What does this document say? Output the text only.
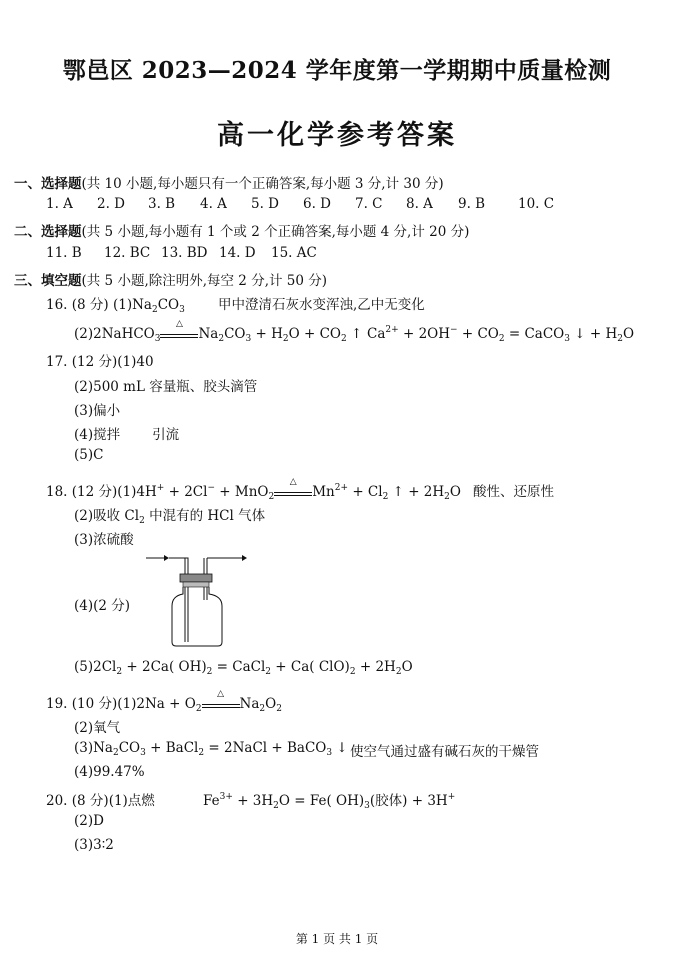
鄂邑区 2023—2024 学年度第一学期期中质量检测
高一化学参考答案
一、选择题(共 10 小题,每小题只有一个正确答案,每小题 3 分,计 30 分)
1. A 2. D 3. B 4. A 5. D 6. D 7. C 8. A 9. B 10. C
二、选择题(共 5 小题,每小题有 1 个或 2 个正确答案,每小题 4 分,计 20 分)
11. B 12. BC 13. BD 14. D 15. AC
三、填空题(共 5 小题,除注明外,每空 2 分,计 50 分)
16. (8 分) $(1)Na_2CO_3$ 甲中澄清石灰水变浑浊,乙中无变化
(2)2NaHCO$_3$
△
$Na_2CO_3 + H_2O + CO_2$ ↑ $Ca^{2+} + 2OH^- + CO_2$ = CaCO$_3$ ↓ + $H_2O$
17. (12 分)(1)40
(2)500 mL 容量瓶、胶头滴管
(3)偏小
(4)搅拌 引流
(5)C
18. (12 分)(1)4H+ + 2Cl− + MnO$_2$
△
$Mn^{2+} + Cl_2$ ↑ + $2H_2O$ 酸性、还原性
(2)吸收 $Cl_2$ 中混有的 HCl 气体
(3)浓硫酸
(4)(2 分)
$(5)2Cl_2 + 2Ca$( $OH)_2$ = CaCl$_2$ + Ca( $ClO)_2 + 2H_2O$
19. (10 分)$(1)2Na + O_2$
△
$Na_2O_2$
(2)氧气
$(3)Na_2CO_3$ + BaCl$_2$ = 2NaCl + BaCO$_3$ ↓ 使空气通过盛有碱石灰的干燥管
(4)99.47%
20. (8 分)(1)点燃	$Fe^{3+} + 3H_2O = Fe$( $OH)_3$(胶体) + 3H+
(2)D
(3)3∶2
第 1 页 共 1 页
